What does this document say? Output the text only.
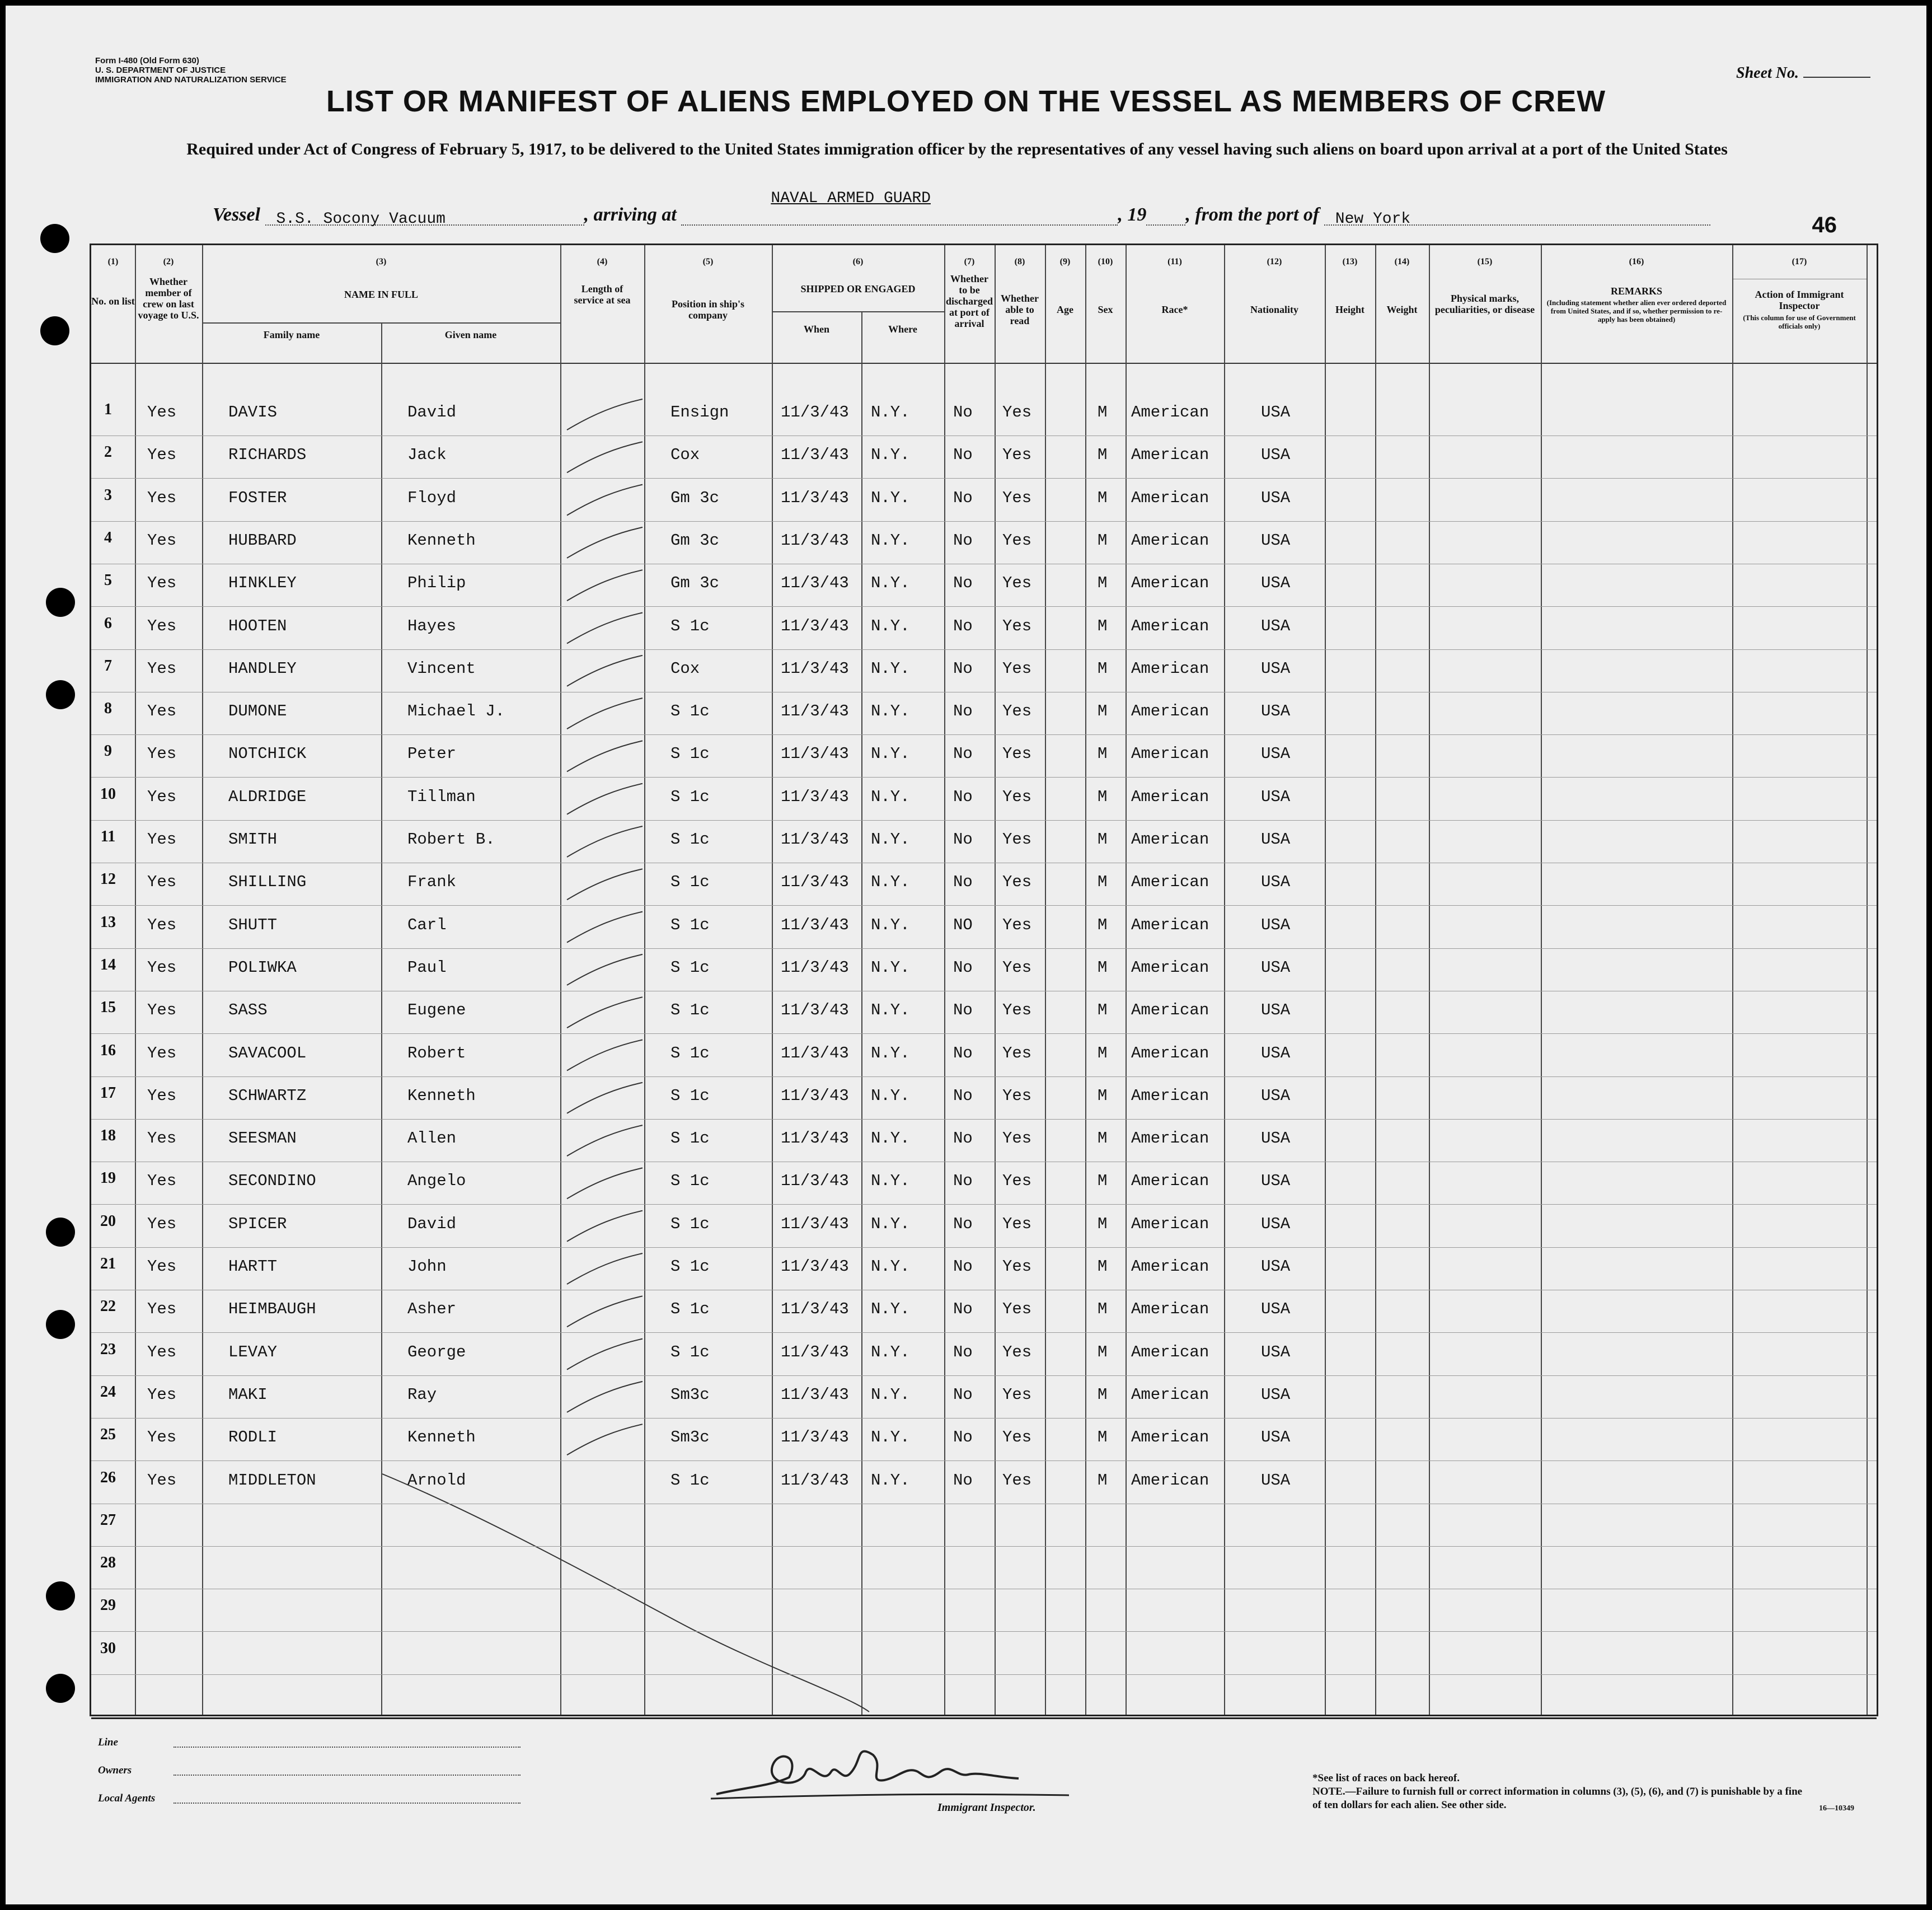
Form I-480 (Old Form 630)
U. S. DEPARTMENT OF JUSTICE
IMMIGRATION AND NATURALIZATION SERVICE	Sheet No.
LIST OR MANIFEST OF ALIENS EMPLOYED ON THE VESSEL AS MEMBERS OF CREW
Required under Act of Congress of February 5, 1917, to be delivered to the United States immigration officer by the representatives of any vessel having such aliens on board upon arrival at a port of the United States
Vessel S.S. Socony Vacuum	, arriving at
NAVAL ARMED GUARD
, 19 , from the port of New York	46
(1)
No. on list
(2)
Whether member of crew on last voyage to U.S.
(3)
NAME IN FULL
Family name	Given name
(4)
Length of service at sea
(5)
Position in ship's company
(6)
SHIPPED OR ENGAGED
When	Where
(7)
Whether to be discharged at port of arrival
(8)
Whether able to read
(9)
Age
(10)
Sex
(11)
Race*
(12)
Nationality
(13)
Height
(14)
Weight
(15)
Physical marks, peculiarities, or disease
(16)
REMARKS
(Including statement whether alien ever ordered deported from United States, and if so, whether permission to re-apply has been obtained)
(17)
Action of Immigrant Inspector
(This column for use of Government officials only)
1	Yes	DAVIS	David	Ensign	11/3/43 N.Y.	No Yes	M American	USA
2	Yes	RICHARDS	Jack	Cox	11/3/43 N.Y.	No Yes	M American	USA
3	Yes	FOSTER	Floyd	Gm 3c	11/3/43 N.Y.	No Yes	M American	USA
4	Yes	HUBBARD	Kenneth	Gm 3c	11/3/43 N.Y.	No Yes	M American	USA
5	Yes	HINKLEY	Philip	Gm 3c	11/3/43 N.Y.	No Yes	M American	USA
6	Yes	HOOTEN	Hayes	S 1c	11/3/43 N.Y.	No Yes	M American	USA
7	Yes	HANDLEY	Vincent	Cox	11/3/43 N.Y.	No Yes	M American	USA
8	Yes	DUMONE	Michael J.	S 1c	11/3/43 N.Y.	No Yes	M American	USA
9	Yes	NOTCHICK	Peter	S 1c	11/3/43 N.Y.	No Yes	M American	USA
10	Yes	ALDRIDGE	Tillman	S 1c	11/3/43 N.Y.	No Yes	M American	USA
11	Yes	SMITH	Robert B.	S 1c	11/3/43 N.Y.	No Yes	M American	USA
12	Yes	SHILLING	Frank	S 1c	11/3/43 N.Y.	No Yes	M American	USA
13	Yes	SHUTT	Carl	S 1c	11/3/43 N.Y.	NO Yes	M American	USA
14	Yes	POLIWKA	Paul	S 1c	11/3/43 N.Y.	No Yes	M American	USA
15	Yes	SASS	Eugene	S 1c	11/3/43 N.Y.	No Yes	M American	USA
16	Yes	SAVACOOL	Robert	S 1c	11/3/43 N.Y.	No Yes	M American	USA
17	Yes	SCHWARTZ	Kenneth	S 1c	11/3/43 N.Y.	No Yes	M American	USA
18	Yes	SEESMAN	Allen	S 1c	11/3/43 N.Y.	No Yes	M American	USA
19	Yes	SECONDINO	Angelo	S 1c	11/3/43 N.Y.	No Yes	M American	USA
20	Yes	SPICER	David	S 1c	11/3/43 N.Y.	No Yes	M American	USA
21	Yes	HARTT	John	S 1c	11/3/43 N.Y.	No Yes	M American	USA
22	Yes	HEIMBAUGH	Asher	S 1c	11/3/43 N.Y.	No Yes	M American	USA
23	Yes	LEVAY	George	S 1c	11/3/43 N.Y.	No Yes	M American	USA
24	Yes	MAKI	Ray	Sm3c	11/3/43 N.Y.	No Yes	M American	USA
25	Yes	RODLI	Kenneth	Sm3c	11/3/43 N.Y.	No Yes	M American	USA
26	Yes	MIDDLETON	Arnold	S 1c	11/3/43 N.Y.	No Yes	M American	USA
27
28
29
30
Line
Owners
Local Agents
Immigrant Inspector.
*See list of races on back hereof.
NOTE.—Failure to furnish full or correct information in columns (3), (5), (6), and (7) is punishable by a fine of ten dollars for each alien. See other side.	16—10349
